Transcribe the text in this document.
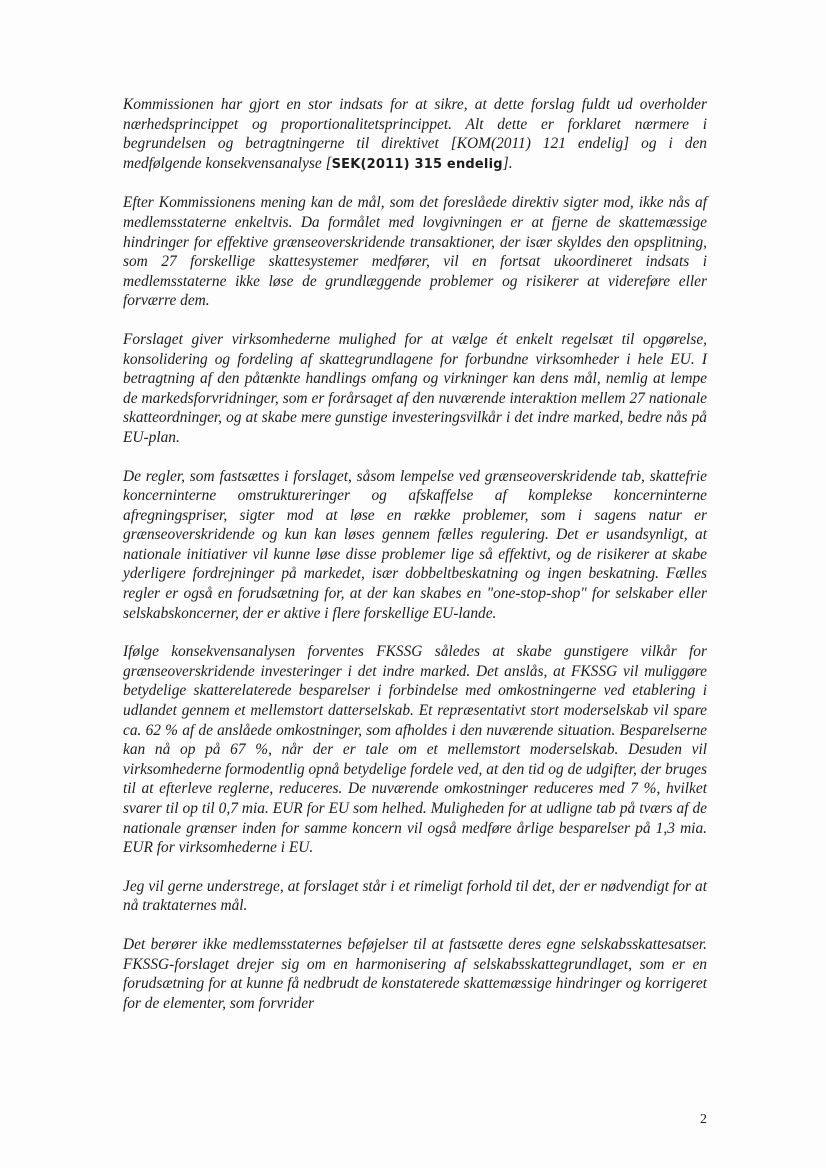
Kommissionen har gjort en stor indsats for at sikre, at dette forslag fuldt ud overholder nærhedsprincippet og proportionalitetsprincippet. Alt dette er forklaret nærmere i begrundelsen og betragtningerne til direktivet [KOM(2011) 121 endelig] og i den medfølgende konsekvensanalyse [SEK(2011) 315 endelig].

Efter Kommissionens mening kan de mål, som det foreslåede direktiv sigter mod, ikke nås af medlemsstaterne enkeltvis. Da formålet med lovgivningen er at fjerne de skattemæssige hindringer for effektive grænseoverskridende transaktioner, der især skyldes den opsplitning, som 27 forskellige skattesystemer medfører, vil en fortsat ukoordineret indsats i medlemsstaterne ikke løse de grundlæggende problemer og risikerer at videreføre eller forværre dem.

Forslaget giver virksomhederne mulighed for at vælge ét enkelt regelsæt til opgørelse, konsolidering og fordeling af skattegrundlagene for forbundne virksomheder i hele EU. I betragtning af den påtænkte handlings omfang og virkninger kan dens mål, nemlig at lempe de markedsforvridninger, som er forårsaget af den nuværende interaktion mellem 27 nationale skatteordninger, og at skabe mere gunstige investeringsvilkår i det indre marked, bedre nås på EU-plan.

De regler, som fastsættes i forslaget, såsom lempelse ved grænseoverskridende tab, skattefrie koncerninterne omstruktureringer og afskaffelse af komplekse koncerninterne afregningspriser, sigter mod at løse en række problemer, som i sagens natur er grænseoverskridende og kun kan løses gennem fælles regulering. Det er usandsynligt, at nationale initiativer vil kunne løse disse problemer lige så effektivt, og de risikerer at skabe yderligere fordrejninger på markedet, især dobbeltbeskatning og ingen beskatning. Fælles regler er også en forudsætning for, at der kan skabes en "one-stop-shop" for selskaber eller selskabskoncerner, der er aktive i flere forskellige EU-lande.

Ifølge konsekvensanalysen forventes FKSSG således at skabe gunstigere vilkår for grænseoverskridende investeringer i det indre marked. Det anslås, at FKSSG vil muliggøre betydelige skatterelaterede besparelser i forbindelse med omkostningerne ved etablering i udlandet gennem et mellemstort datterselskab. Et repræsentativt stort moderselskab vil spare ca. 62 % af de anslåede omkostninger, som afholdes i den nuværende situation. Besparelserne kan nå op på 67 %, når der er tale om et mellemstort moderselskab. Desuden vil virksomhederne formodentlig opnå betydelige fordele ved, at den tid og de udgifter, der bruges til at efterleve reglerne, reduceres. De nuværende omkostninger reduceres med 7 %, hvilket svarer til op til 0,7 mia. EUR for EU som helhed. Muligheden for at udligne tab på tværs af de nationale grænser inden for samme koncern vil også medføre årlige besparelser på 1,3 mia. EUR for virksomhederne i EU.

Jeg vil gerne understrege, at forslaget står i et rimeligt forhold til det, der er nødvendigt for at nå traktaternes mål.

Det berører ikke medlemsstaternes beføjelser til at fastsætte deres egne selskabsskattesatser. FKSSG-forslaget drejer sig om en harmonisering af selskabsskattegrundlaget, som er en forudsætning for at kunne få nedbrudt de konstaterede skattemæssige hindringer og korrigeret for de elementer, som forvrider

2
